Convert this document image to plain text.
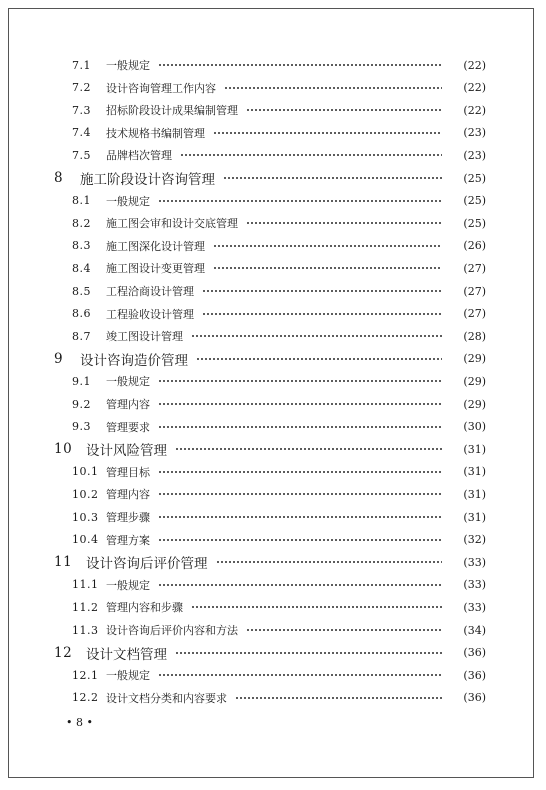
7.1	一般规定	(22)
7.2	设计咨询管理工作内容	(22)
7.3	招标阶段设计成果编制管理	(22)
7.4	技术规格书编制管理	(23)
7.5	品牌档次管理	(23)
8	施工阶段设计咨询管理	(25)
8.1	一般规定	(25)
8.2	施工图会审和设计交底管理	(25)
8.3	施工图深化设计管理	(26)
8.4	施工图设计变更管理	(27)
8.5	工程洽商设计管理	(27)
8.6	工程验收设计管理	(27)
8.7	竣工图设计管理	(28)
9	设计咨询造价管理	(29)
9.1	一般规定	(29)
9.2	管理内容	(29)
9.3	管理要求	(30)
10	设计风险管理	(31)
10.1 管理目标	(31)
10.2 管理内容	(31)
10.3 管理步骤	(31)
10.4 管理方案	(32)
11	设计咨询后评价管理	(33)
11.1 一般规定	(33)
11.2 管理内容和步骤	(33)
11.3 设计咨询后评价内容和方法	(34)
12	设计文档管理	(36)
12.1 一般规定	(36)
12.2 设计文档分类和内容要求	(36)
• 8 •
